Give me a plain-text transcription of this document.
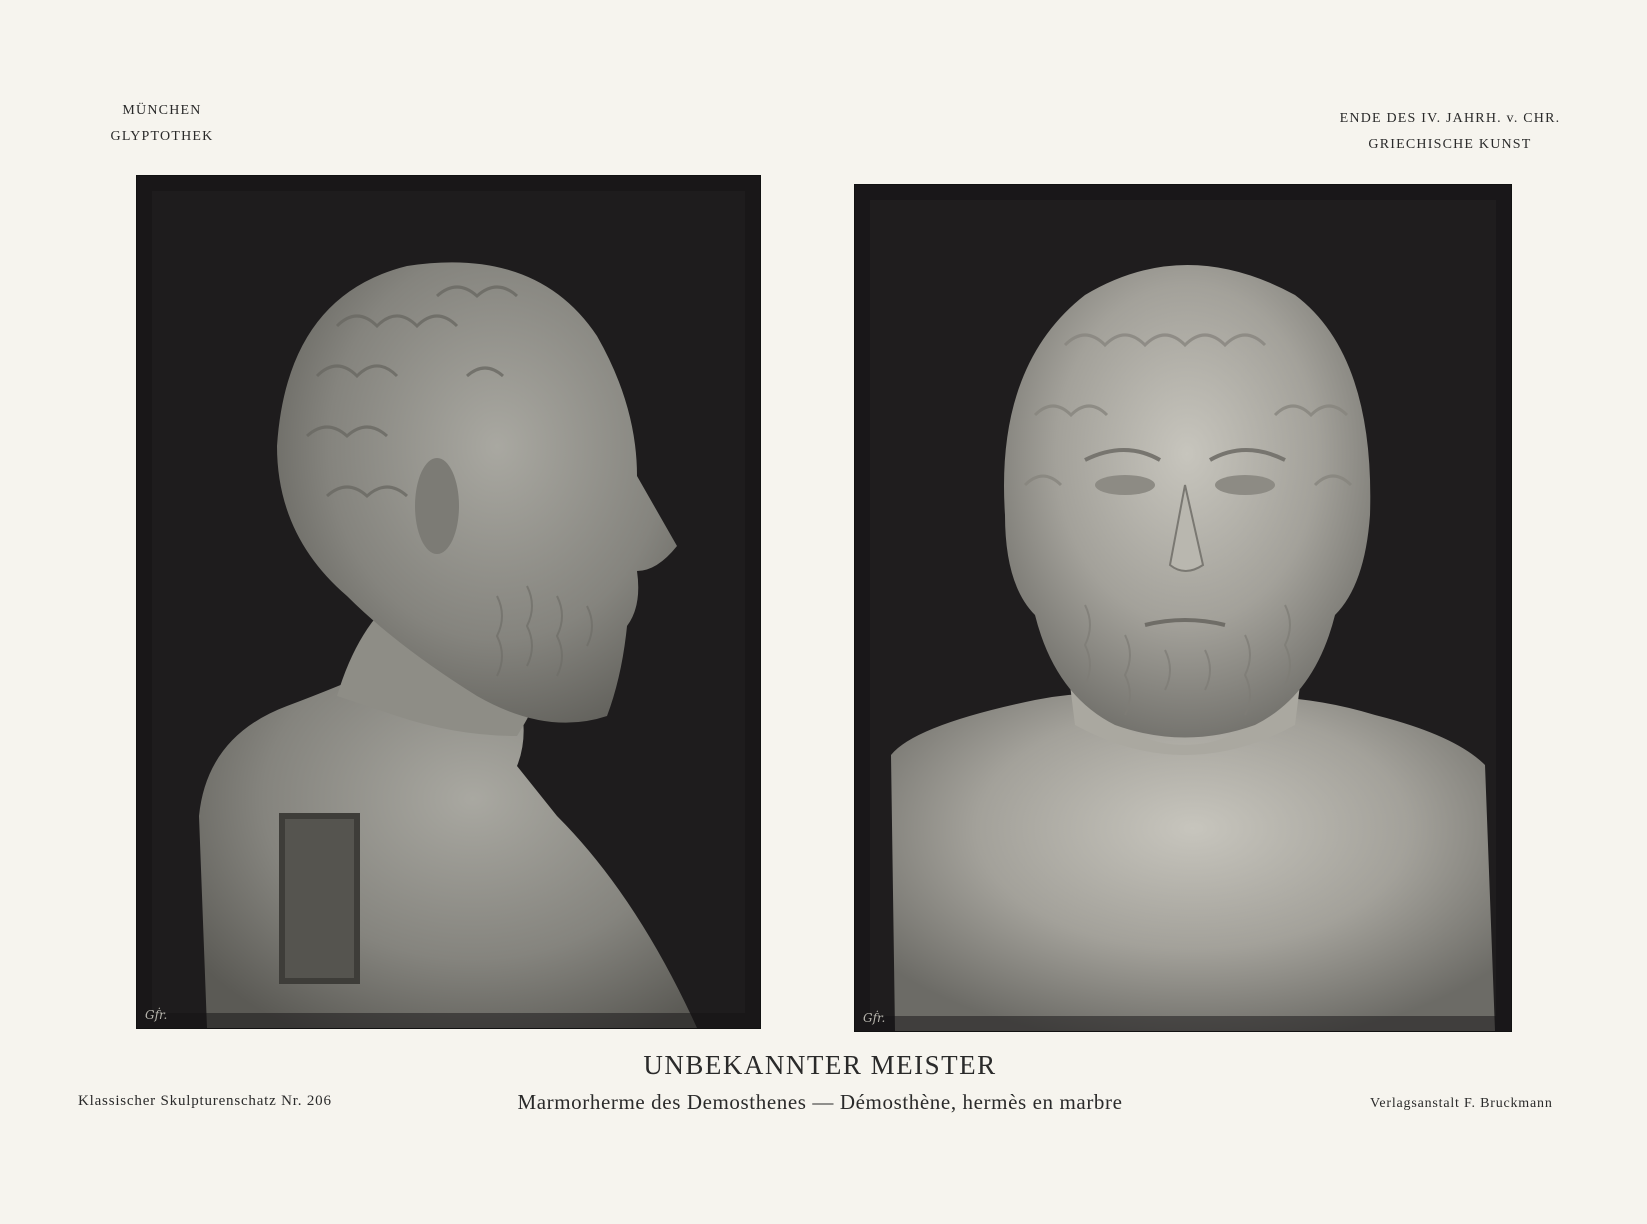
MÜNCHEN
GLYPTOTHEK
ENDE DES IV. JAHRH. v. CHR.
GRIECHISCHE KUNST
Gḟr.	Gḟr.
UNBEKANNTER MEISTER
Marmorherme des Demosthenes — Démosthène, hermès en marbre
Klassischer Skulpturenschatz Nr. 206	Verlagsanstalt F. Bruckmann
